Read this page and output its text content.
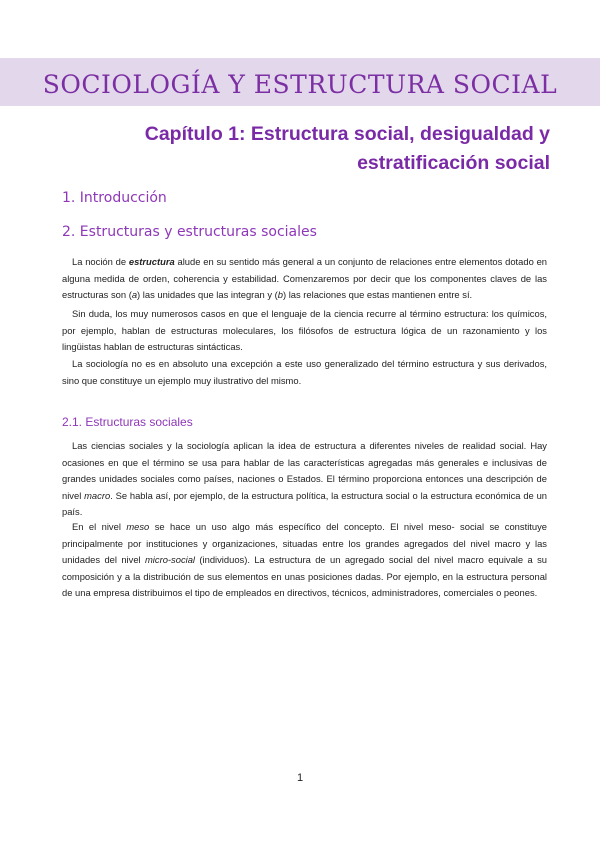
SOCIOLOGÍA Y ESTRUCTURA SOCIAL
Capítulo 1: Estructura social, desigualdad y estratificación social
1. Introducción
2. Estructuras y estructuras sociales

La noción de estructura alude en su sentido más general a un conjunto de relaciones entre elementos dotado en alguna medida de orden, coherencia y estabilidad. Comenzaremos por decir que los componentes claves de las estructuras son (a) las unidades que las integran y (b) las relaciones que estas mantienen entre sí.

Sin duda, los muy numerosos casos en que el lenguaje de la ciencia recurre al término estructura: los químicos, por ejemplo, hablan de estructuras moleculares, los filósofos de estructura lógica de un razonamiento y los lingüistas hablan de estructuras sintácticas.

La sociología no es en absoluto una excepción a este uso generalizado del término estructura y sus derivados, sino que constituye un ejemplo muy ilustrativo del mismo.

2.1. Estructuras sociales

Las ciencias sociales y la sociología aplican la idea de estructura a diferentes niveles de realidad social. Hay ocasiones en que el término se usa para hablar de las características agregadas más generales e inclusivas de grandes unidades sociales como países, naciones o Estados. El término proporciona entonces una descripción de nivel macro. Se habla así, por ejemplo, de la estructura política, la estructura social o la estructura económica de un país.

En el nivel meso se hace un uso algo más específico del concepto. El nivel meso- social se constituye principalmente por instituciones y organizaciones, situadas entre los grandes agregados del nivel macro y las unidades del nivel micro-social (individuos). La estructura de un agregado social del nivel macro equivale a su composición y a la distribución de sus elementos en unas posiciones dadas. Por ejemplo, en la estructura personal de una empresa distribuimos el tipo de empleados en directivos, técnicos, administradores, comerciales o peones.

1
